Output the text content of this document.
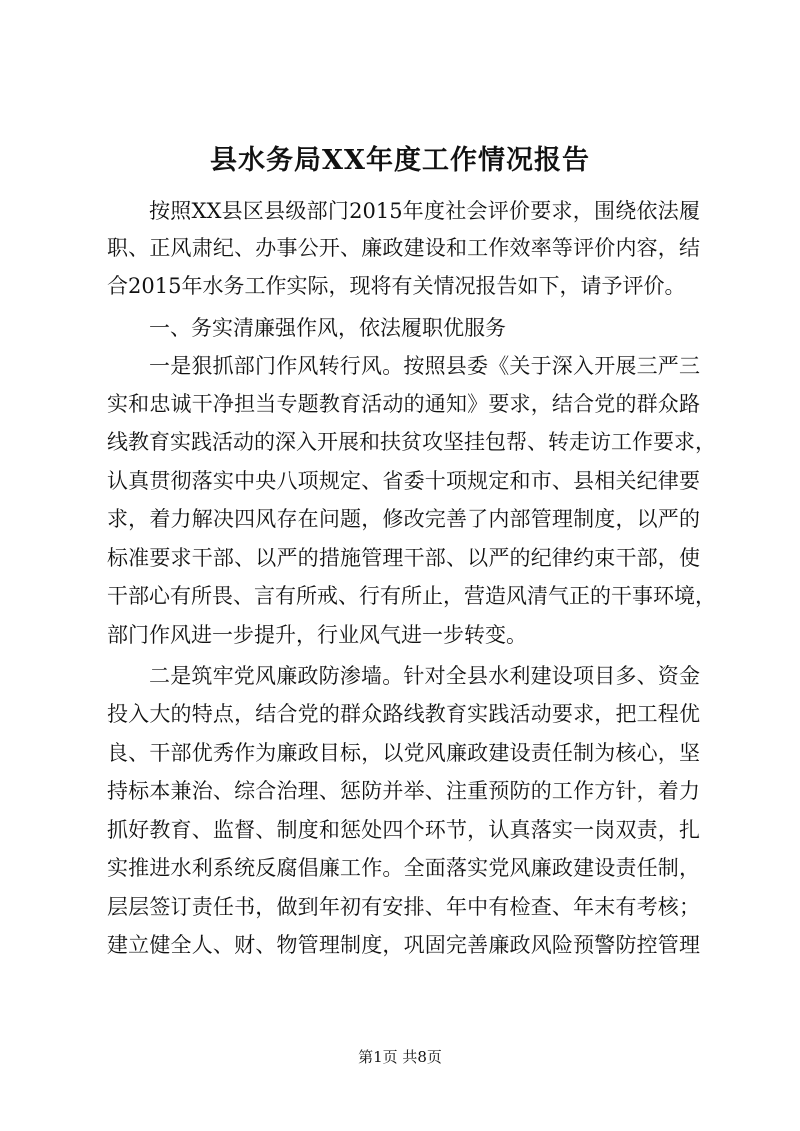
县水务局XX年度工作情况报告
按照XX县区县级部门2015年度社会评价要求，围绕依法履
职、正风肃纪、办事公开、廉政建设和工作效率等评价内容，结
合2015年水务工作实际，现将有关情况报告如下，请予评价。
一、务实清廉强作风，依法履职优服务
一是狠抓部门作风转行风。按照县委《关于深入开展三严三
实和忠诚干净担当专题教育活动的通知》要求，结合党的群众路
线教育实践活动的深入开展和扶贫攻坚挂包帮、转走访工作要求，
认真贯彻落实中央八项规定、省委十项规定和市、县相关纪律要
求，着力解决四风存在问题，修改完善了内部管理制度，以严的
标准要求干部、以严的措施管理干部、以严的纪律约束干部，使
干部心有所畏、言有所戒、行有所止，营造风清气正的干事环境，
部门作风进一步提升，行业风气进一步转变。
二是筑牢党风廉政防渗墙。针对全县水利建设项目多、资金
投入大的特点，结合党的群众路线教育实践活动要求，把工程优
良、干部优秀作为廉政目标，以党风廉政建设责任制为核心，坚
持标本兼治、综合治理、惩防并举、注重预防的工作方针，着力
抓好教育、监督、制度和惩处四个环节，认真落实一岗双责，扎
实推进水利系统反腐倡廉工作。全面落实党风廉政建设责任制，
层层签订责任书，做到年初有安排、年中有检查、年末有考核；
建立健全人、财、物管理制度，巩固完善廉政风险预警防控管理
第1页 共8页
